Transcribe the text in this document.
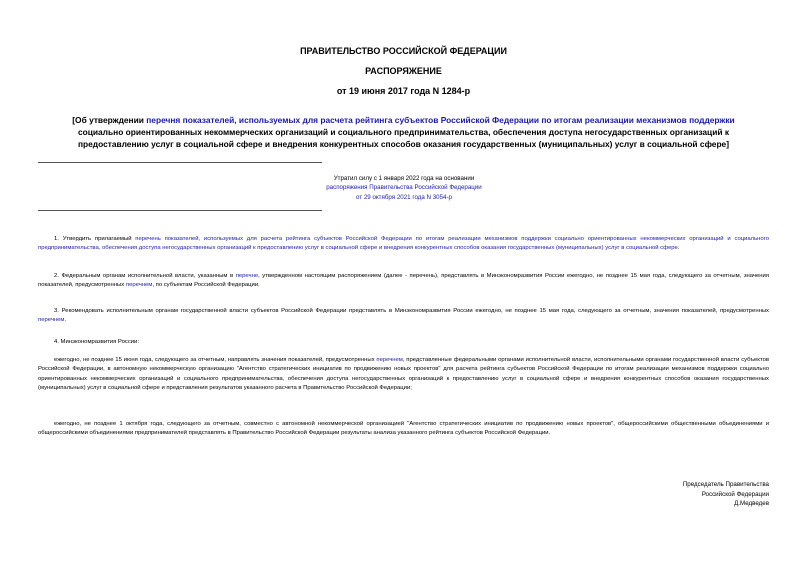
ПРАВИТЕЛЬСТВО РОССИЙСКОЙ ФЕДЕРАЦИИ
РАСПОРЯЖЕНИЕ
от 19 июня 2017 года N 1284-р
[Об утверждении перечня показателей, используемых для расчета рейтинга субъектов Российской Федерации по итогам реализации механизмов поддержки социально ориентированных некоммерческих организаций и социального предпринимательства, обеспечения доступа негосударственных организаций к предоставлению услуг в социальной сфере и внедрения конкурентных способов оказания государственных (муниципальных) услуг в социальной сфере]
Утратил силу с 1 января 2022 года на основании
распоряжения Правительства Российской Федерации
от 29 октября 2021 года N 3054-р
1. Утвердить прилагаемый перечень показателей, используемых для расчета рейтинга субъектов Российской Федерации по итогам реализации механизмов поддержки социально ориентированных некоммерческих организаций и социального предпринимательства, обеспечения доступа негосударственных организаций к предоставлению услуг в социальной сфере и внедрения конкурентных способов оказания государственных (муниципальных) услуг в социальной сфере.
2. Федеральным органам исполнительной власти, указанным в перечне, утвержденном настоящим распоряжением (далее - перечень), представлять в Минэкономразвития России ежегодно, не позднее 15 мая года, следующего за отчетным, значения показателей, предусмотренных перечнем, по субъектам Российской Федерации.
3. Рекомендовать исполнительным органам государственной власти субъектов Российской Федерации представлять в Минэкономразвития России ежегодно, не позднее 15 мая года, следующего за отчетным, значения показателей, предусмотренных перечнем.
4. Минэкономразвития России:
ежегодно, не позднее 15 июня года, следующего за отчетным, направлять значения показателей, предусмотренных перечнем, представленные федеральными органами исполнительной власти, исполнительными органами государственной власти субъектов Российской Федерации, в автономную некоммерческую организацию "Агентство стратегических инициатив по продвижению новых проектов" для расчета рейтинга субъектов Российской Федерации по итогам реализации механизмов поддержки социально ориентированных некоммерческих организаций и социального предпринимательства, обеспечения доступа негосударственных организаций к предоставлению услуг в социальной сфере и внедрения конкурентных способов оказания государственных (муниципальных) услуг в социальной сфере и представления результатов указанного расчета в Правительство Российской Федерации;
ежегодно, не позднее 1 октября года, следующего за отчетным, совместно с автономной некоммерческой организацией "Агентство стратегических инициатив по продвижению новых проектов", общероссийскими общественными объединениями и общероссийскими объединениями предпринимателей представлять в Правительство Российской Федерации результаты анализа указанного рейтинга субъектов Российской Федерации.
Председатель Правительства
Российской Федерации
Д.Медведев
